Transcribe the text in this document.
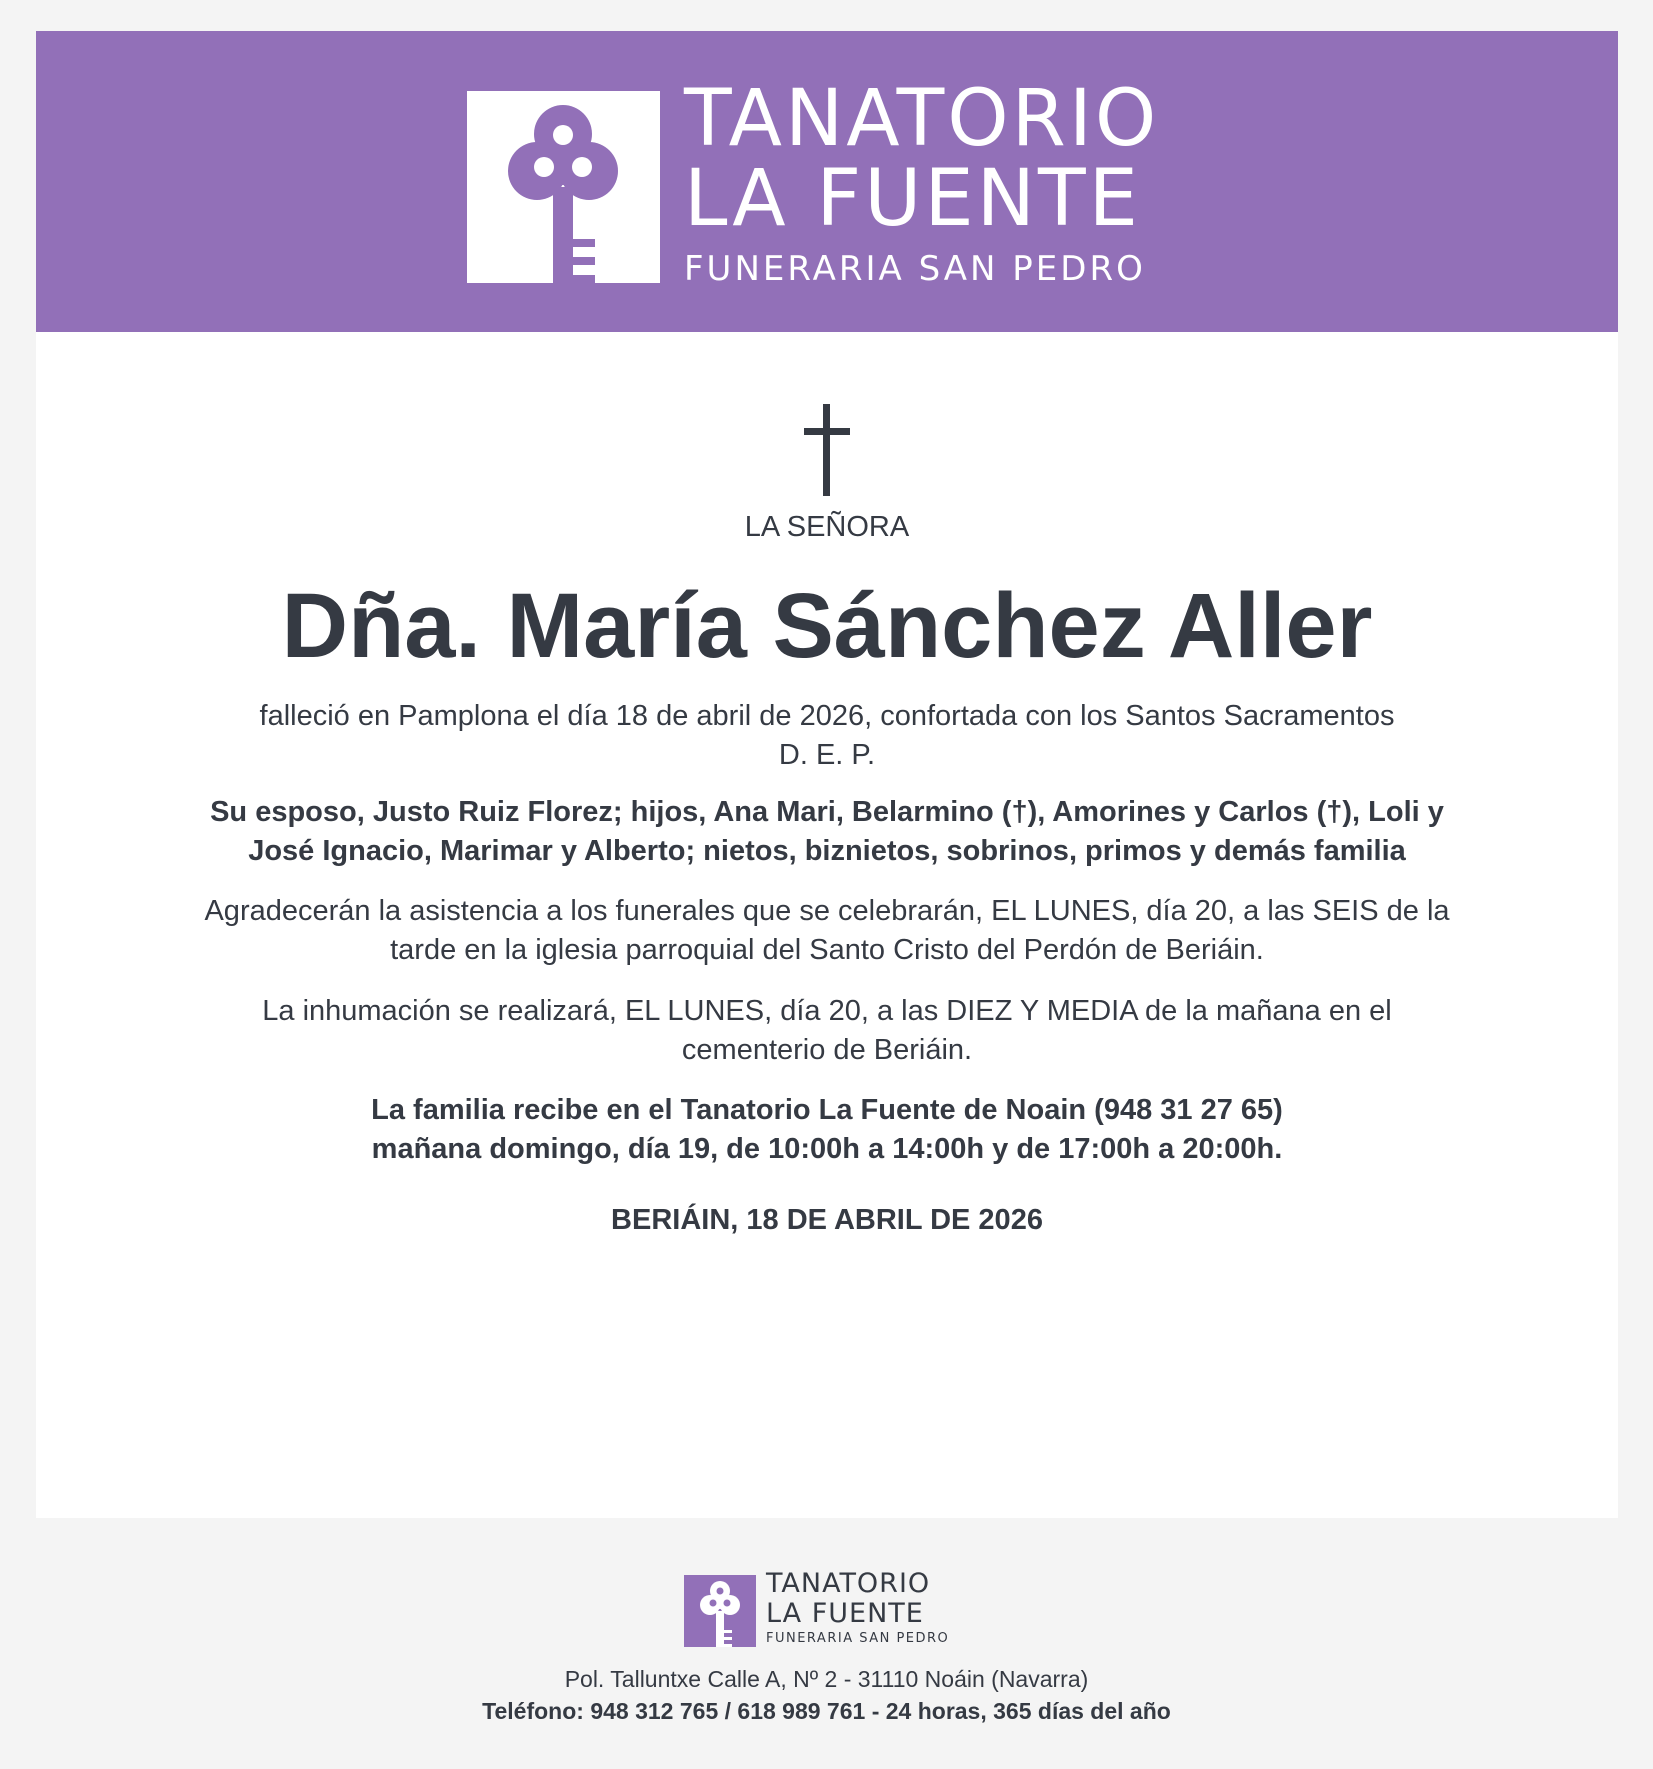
TANATORIO
LA FUENTE
FUNERARIA SAN PEDRO

LA SEÑORA

Dña. María Sánchez Aller

falleció en Pamplona el día 18 de abril de 2026, confortada con los Santos Sacramentos
D. E. P.
Su esposo, Justo Ruiz Florez; hijos, Ana Mari, Belarmino (†), Amorines y Carlos (†), Loli y
José Ignacio, Marimar y Alberto; nietos, biznietos, sobrinos, primos y demás familia
Agradecerán la asistencia a los funerales que se celebrarán, EL LUNES, día 20, a las SEIS de la
tarde en la iglesia parroquial del Santo Cristo del Perdón de Beriáin.
La inhumación se realizará, EL LUNES, día 20, a las DIEZ Y MEDIA de la mañana en el
cementerio de Beriáin.
La familia recibe en el Tanatorio La Fuente de Noain (948 31 27 65)
mañana domingo, día 19, de 10:00h a 14:00h y de 17:00h a 20:00h.

BERIÁIN, 18 DE ABRIL DE 2026

TANATORIO
LA FUENTE
FUNERARIA SAN PEDRO
Pol. Talluntxe Calle A, Nº 2 - 31110 Noáin (Navarra)
Teléfono: 948 312 765 / 618 989 761 - 24 horas, 365 días del año
